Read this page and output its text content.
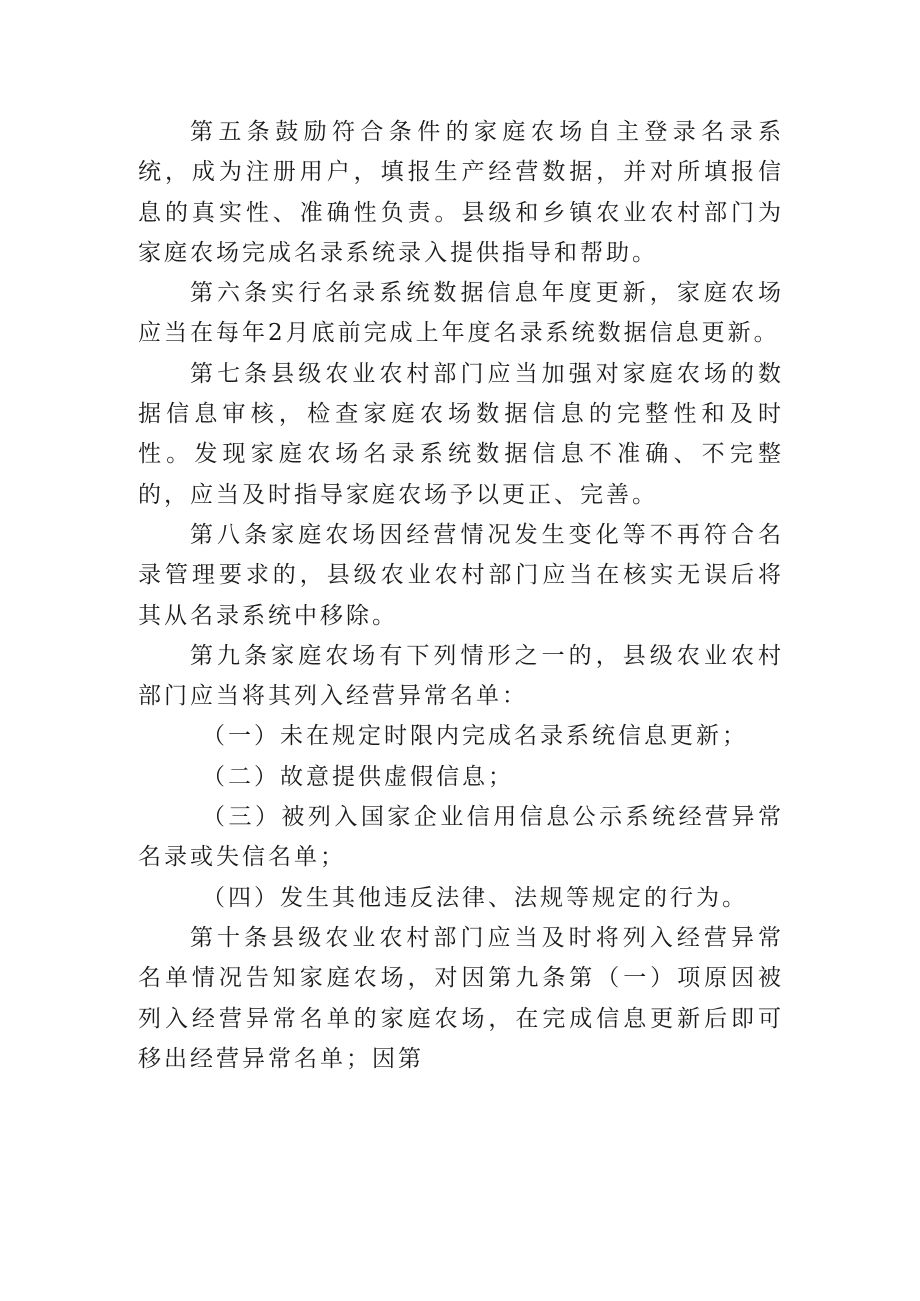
第五条鼓励符合条件的家庭农场自主登录名录系统，成为注册用户，填报生产经营数据，并对所填报信息的真实性、准确性负责。县级和乡镇农业农村部门为家庭农场完成名录系统录入提供指导和帮助。

第六条实行名录系统数据信息年度更新，家庭农场应当在每年2月底前完成上年度名录系统数据信息更新。

第七条县级农业农村部门应当加强对家庭农场的数据信息审核，检查家庭农场数据信息的完整性和及时性。发现家庭农场名录系统数据信息不准确、不完整的，应当及时指导家庭农场予以更正、完善。

第八条家庭农场因经营情况发生变化等不再符合名录管理要求的，县级农业农村部门应当在核实无误后将其从名录系统中移除。

第九条家庭农场有下列情形之一的，县级农业农村部门应当将其列入经营异常名单：

（一）未在规定时限内完成名录系统信息更新；

（二）故意提供虚假信息；

（三）被列入国家企业信用信息公示系统经营异常名录或失信名单；

（四）发生其他违反法律、法规等规定的行为。

第十条县级农业农村部门应当及时将列入经营异常名单情况告知家庭农场，对因第九条第（一）项原因被列入经营异常名单的家庭农场，在完成信息更新后即可移出经营异常名单；因第
